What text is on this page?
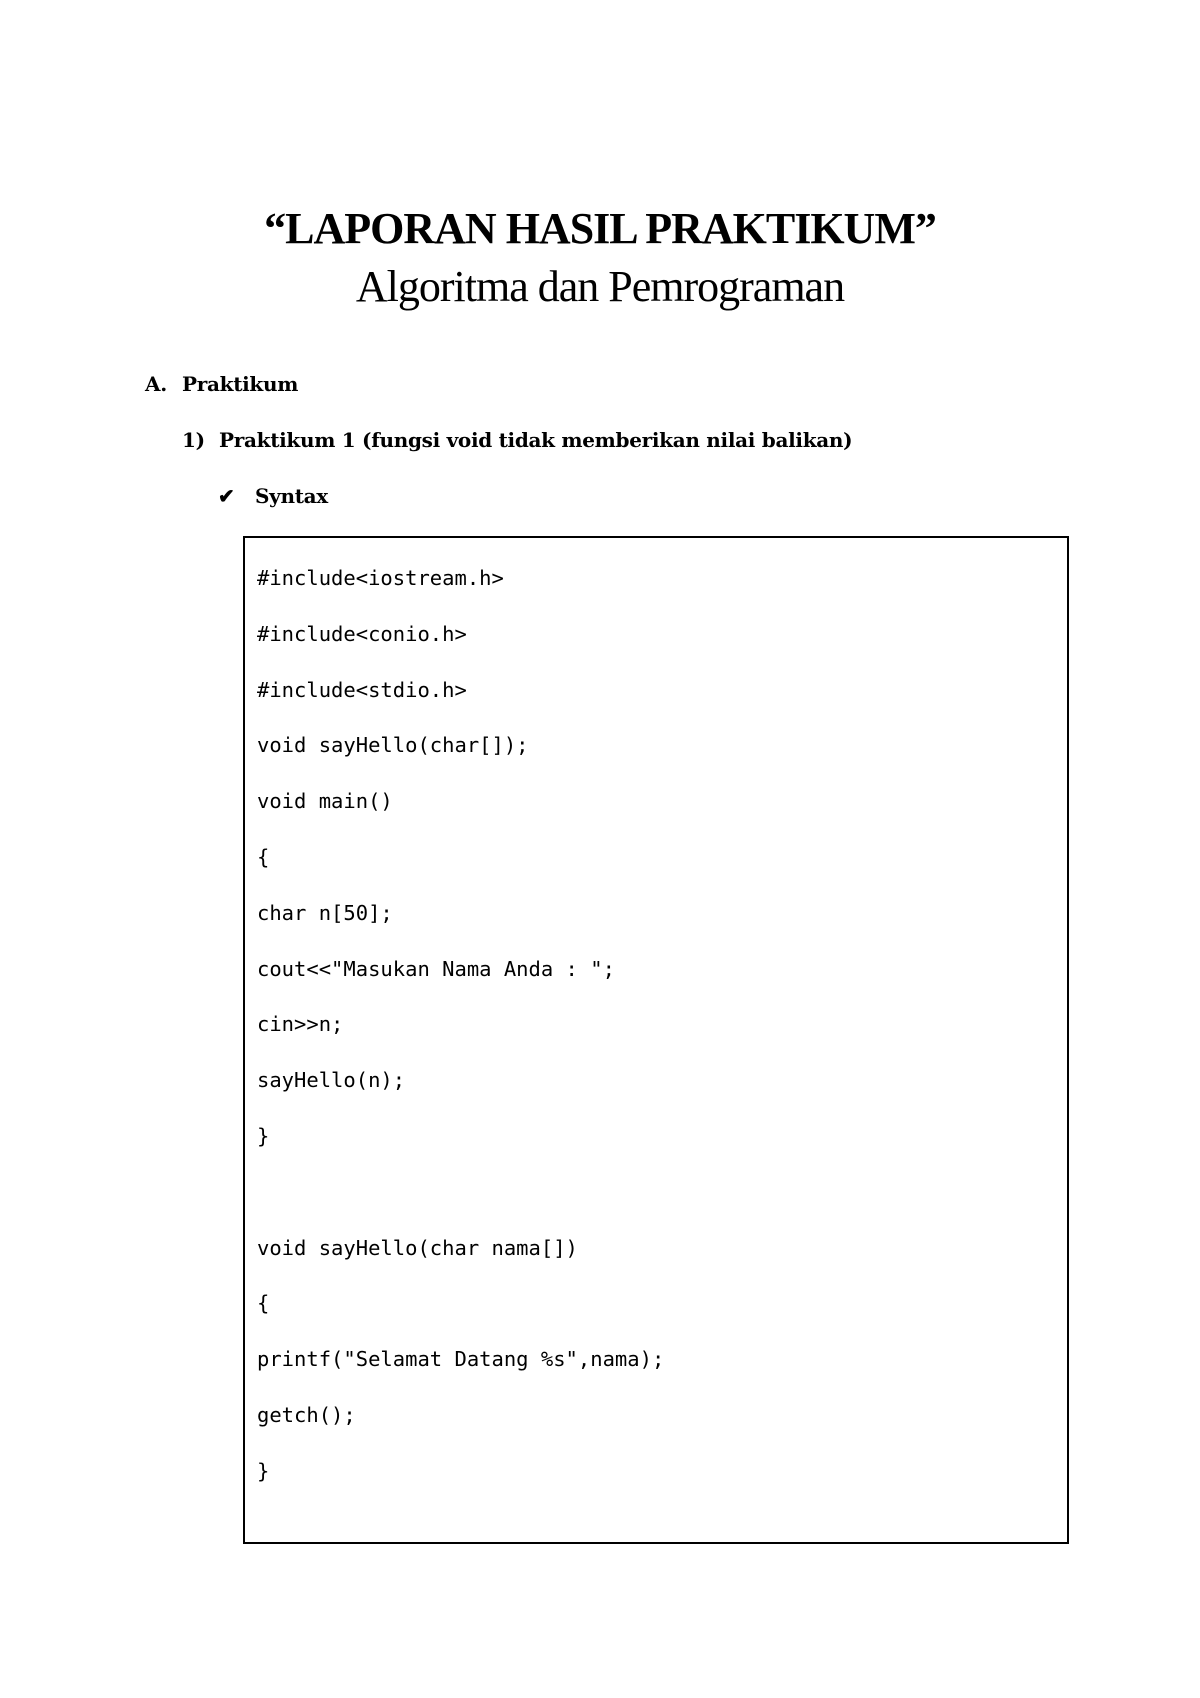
“LAPORAN HASIL PRAKTIKUM”
Algoritma dan Pemrograman
A. Praktikum
1) Praktikum 1 (fungsi void tidak memberikan nilai balikan)
✔ Syntax
#include<iostream.h>
#include<conio.h>
#include<stdio.h>
void sayHello(char[]);
void main()
{
char n[50];
cout<<"Masukan Nama Anda : ";
cin>>n;
sayHello(n);
}
void sayHello(char nama[])
{
printf("Selamat Datang %s",nama);
getch();
}
